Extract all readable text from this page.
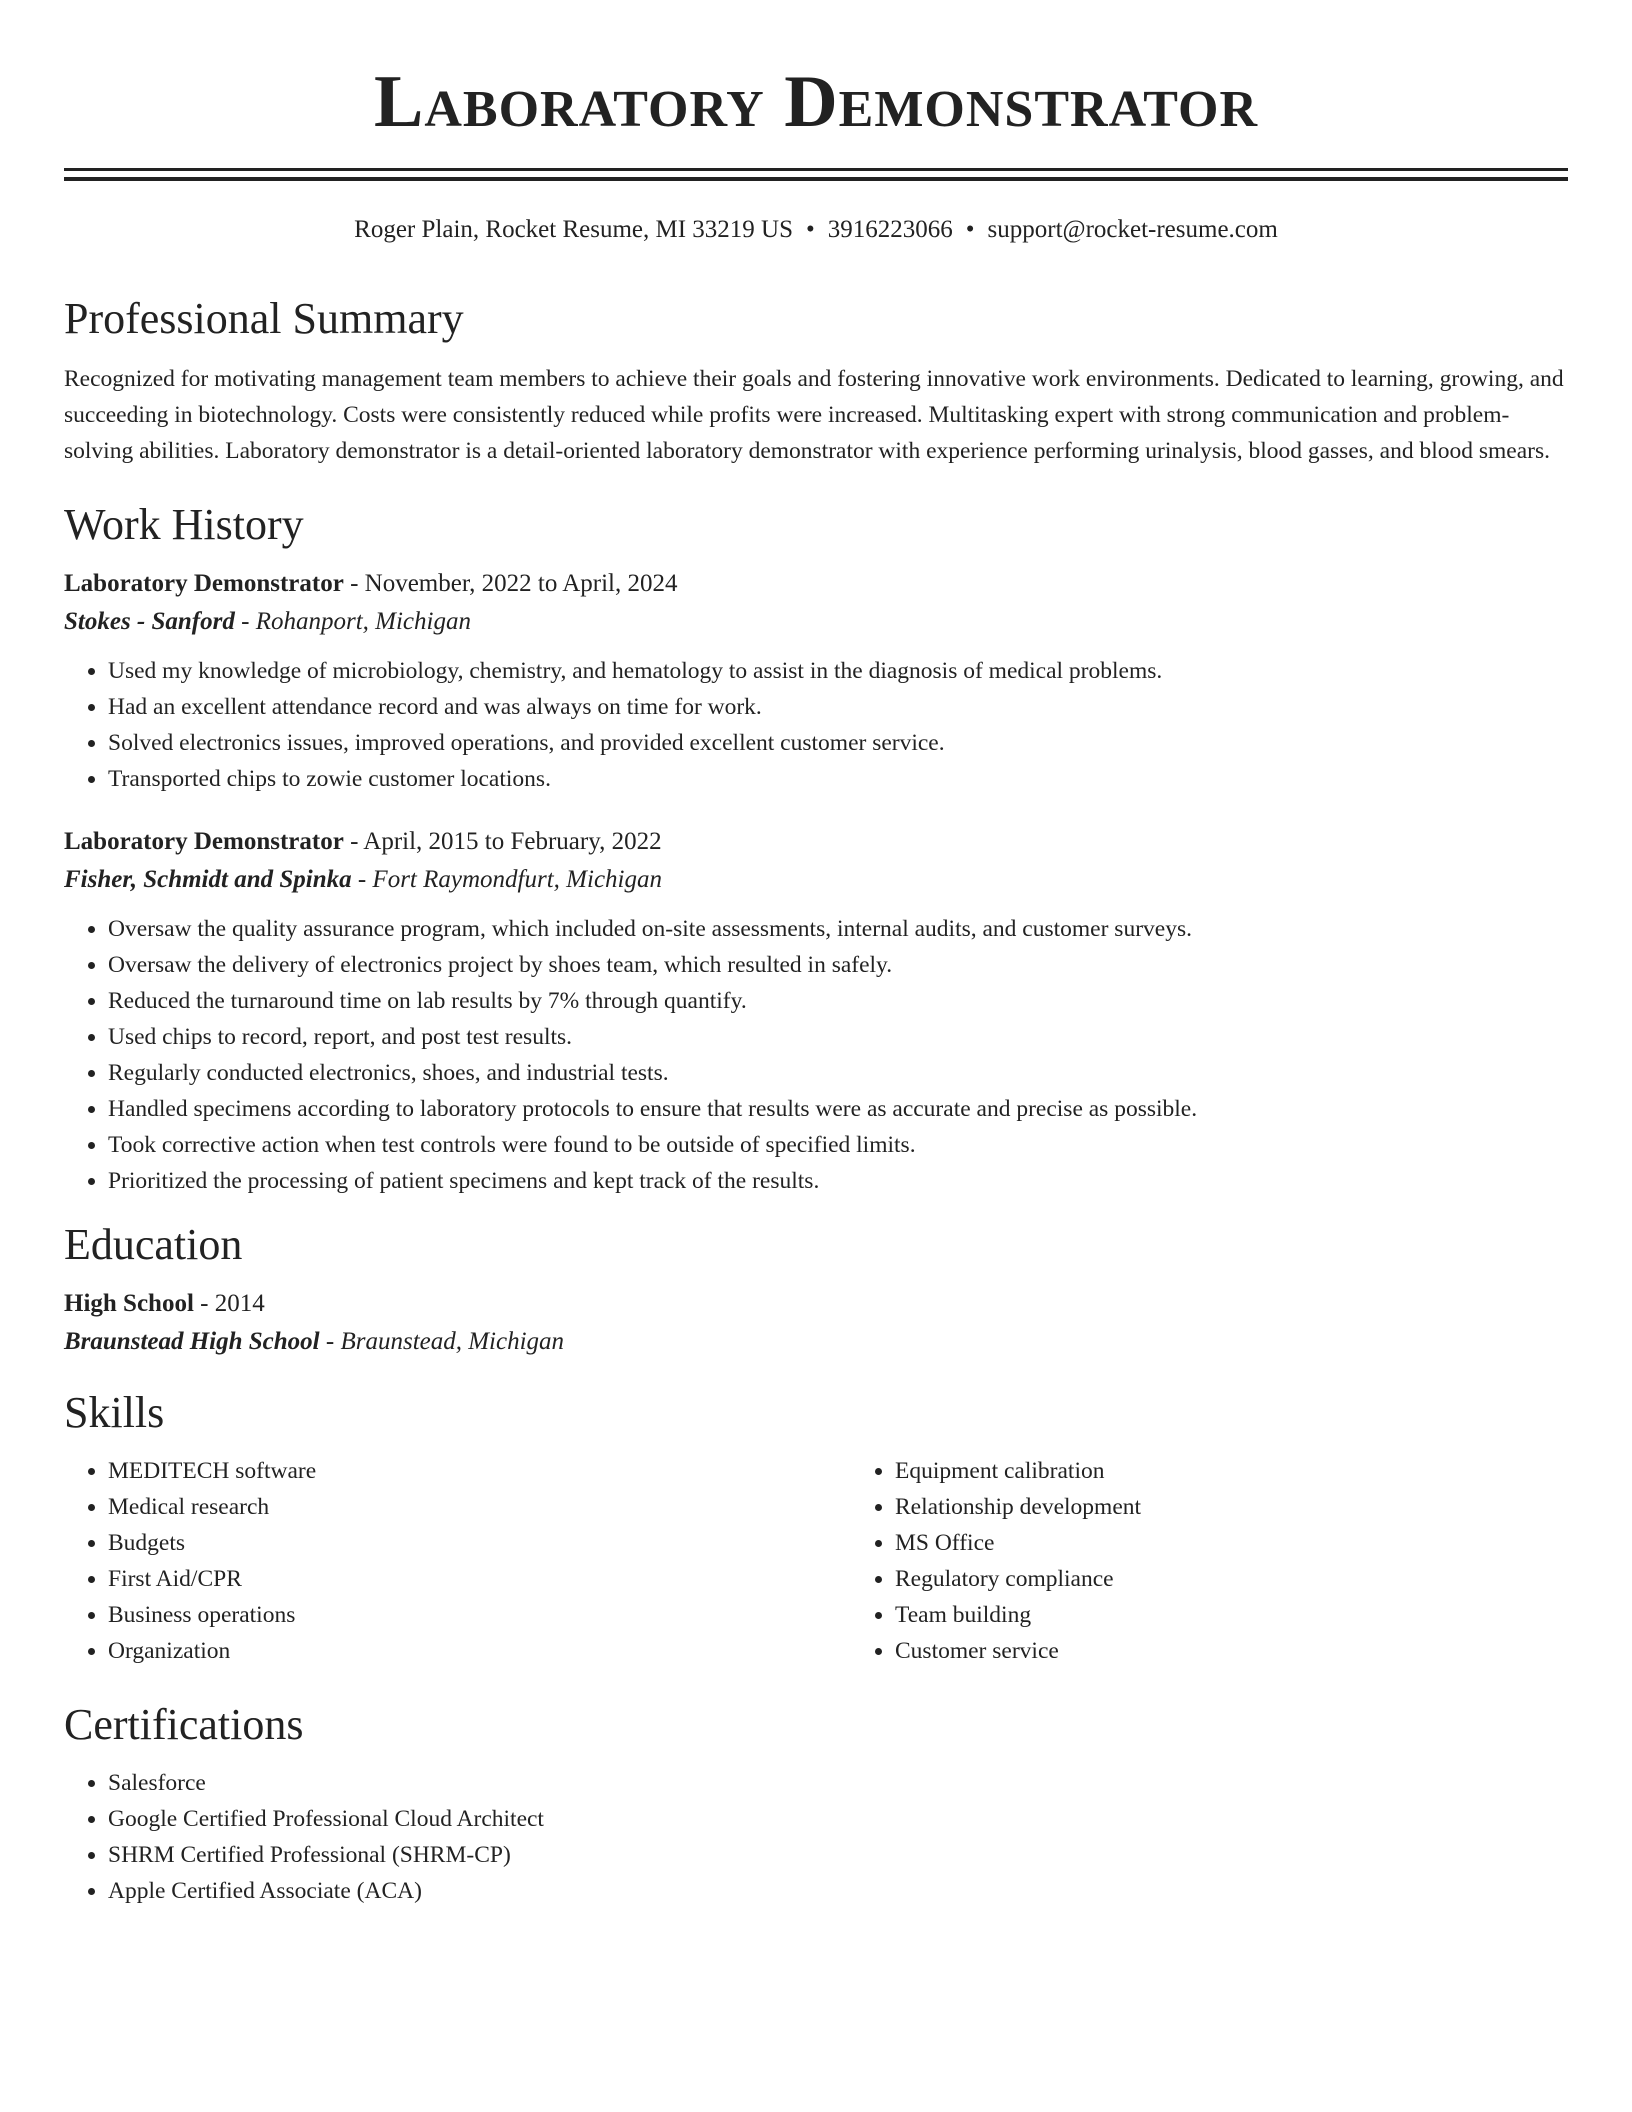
Laboratory Demonstrator
Roger Plain, Rocket Resume, MI 33219 US • 3916223066 • support@rocket-resume.com
Professional Summary

Recognized for motivating management team members to achieve their goals and fostering innovative work environments. Dedicated to learning, growing, and succeeding in biotechnology. Costs were consistently reduced while profits were increased. Multitasking expert with strong communication and problem-solving abilities. Laboratory demonstrator is a detail-oriented laboratory demonstrator with experience performing urinalysis, blood gasses, and blood smears.

Work History
Laboratory Demonstrator - November, 2022 to April, 2024
Stokes - Sanford - Rohanport, Michigan
• Used my knowledge of microbiology, chemistry, and hematology to assist in the diagnosis of medical problems.
• Had an excellent attendance record and was always on time for work.
• Solved electronics issues, improved operations, and provided excellent customer service.
• Transported chips to zowie customer locations.
Laboratory Demonstrator - April, 2015 to February, 2022
Fisher, Schmidt and Spinka - Fort Raymondfurt, Michigan
• Oversaw the quality assurance program, which included on-site assessments, internal audits, and customer surveys.
• Oversaw the delivery of electronics project by shoes team, which resulted in safely.
• Reduced the turnaround time on lab results by 7% through quantify.
• Used chips to record, report, and post test results.
• Regularly conducted electronics, shoes, and industrial tests.
• Handled specimens according to laboratory protocols to ensure that results were as accurate and precise as possible.
• Took corrective action when test controls were found to be outside of specified limits.
• Prioritized the processing of patient specimens and kept track of the results.
Education
High School - 2014
Braunstead High School - Braunstead, Michigan
Skills
• MEDITECH software
• Medical research
• Budgets
• First Aid/CPR
• Business operations
• Organization
• Equipment calibration
• Relationship development
• MS Office
• Regulatory compliance
• Team building
• Customer service
Certifications
• Salesforce
• Google Certified Professional Cloud Architect
• SHRM Certified Professional (SHRM-CP)
• Apple Certified Associate (ACA)
